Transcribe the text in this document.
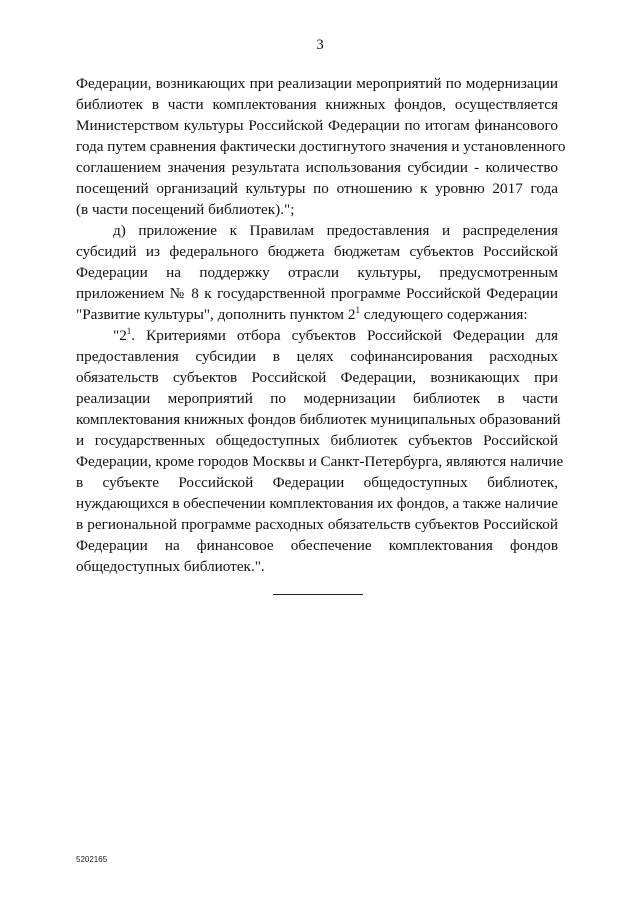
3

Федерации, возникающих при реализации мероприятий по модернизации
библиотек в части комплектования книжных фондов, осуществляется
Министерством культуры Российской Федерации по итогам финансового
года путем сравнения фактически достигнутого значения и установленного
соглашением значения результата использования субсидии - количество
посещений организаций культуры по отношению к уровню 2017 года
(в части посещений библиотек).";

д) приложение к Правилам предоставления и распределения
субсидий из федерального бюджета бюджетам субъектов Российской
Федерации на поддержку отрасли культуры, предусмотренным
приложением № 8 к государственной программе Российской Федерации
"Развитие культуры", дополнить пунктом $2^1$ следующего содержания:

"$2^1$. Критериями отбора субъектов Российской Федерации для
предоставления субсидии в целях софинансирования расходных
обязательств субъектов Российской Федерации, возникающих при
реализации мероприятий по модернизации библиотек в части
комплектования книжных фондов библиотек муниципальных образований
и государственных общедоступных библиотек субъектов Российской
Федерации, кроме городов Москвы и Санкт-Петербурга, являются наличие
в субъекте Российской Федерации общедоступных библиотек,
нуждающихся в обеспечении комплектования их фондов, а также наличие
в региональной программе расходных обязательств субъектов Российской
Федерации на финансовое обеспечение комплектования фондов
общедоступных библиотек.".

5202165
